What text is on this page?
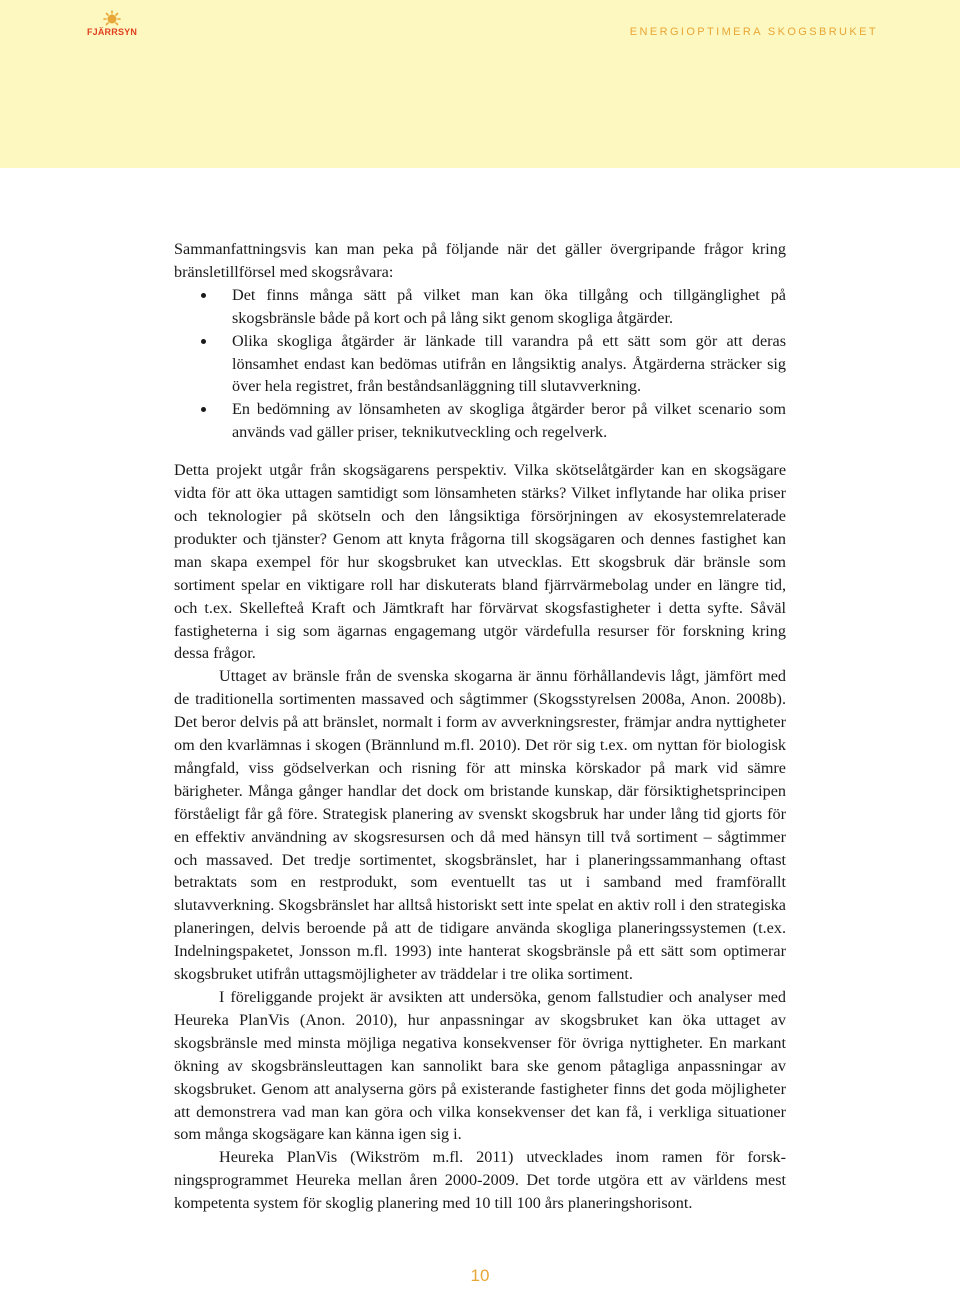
FJÄRRSYN	ENERGIOPTIMERA SKOGSBRUKET

Sammanfattningsvis kan man peka på följande när det gäller övergripande frågor kring bränsletillförsel med skogsråvara:

Det finns många sätt på vilket man kan öka tillgång och tillgänglighet på skogsbränsle både på kort och på lång sikt genom skogliga åtgärder.
Olika skogliga åtgärder är länkade till varandra på ett sätt som gör att deras lönsamhet endast kan bedömas utifrån en långsiktig analys. Åtgärderna sträcker sig över hela registret, från beståndsanläggning till slutavverkning.
En bedömning av lönsamheten av skogliga åtgärder beror på vilket scenario som används vad gäller priser, teknikutveckling och regelverk.

Detta projekt utgår från skogsägarens perspektiv. Vilka skötselåtgärder kan en skogsägare vidta för att öka uttagen samtidigt som lönsamheten stärks? Vilket inflytande har olika priser och teknologier på skötseln och den långsiktiga försörjningen av ekosystemrelaterade produkter och tjänster? Genom att knyta frågorna till skogsägaren och dennes fastighet kan man skapa exempel för hur skogsbruket kan utvecklas. Ett skogsbruk där bränsle som sortiment spelar en viktigare roll har diskuterats bland fjärrvärmebolag under en längre tid, och t.ex. Skellefteå Kraft och Jämtkraft har förvärvat skogsfastigheter i detta syfte. Såväl fastigheterna i sig som ägarnas engagemang utgör värdefulla resurser för forskning kring dessa frågor.

Uttaget av bränsle från de svenska skogarna är ännu förhållandevis lågt, jämfört med de traditionella sortimenten massaved och sågtimmer (Skogsstyrelsen 2008a, Anon. 2008b). Det beror delvis på att bränslet, normalt i form av avverkningsrester, främjar andra nyttigheter om den kvarlämnas i skogen (Brännlund m.fl. 2010). Det rör sig t.ex. om nyttan för biologisk mångfald, viss gödselverkan och risning för att minska körskador på mark vid sämre bärigheter. Många gånger handlar det dock om bristande kunskap, där försiktighetsprincipen förståeligt får gå före. Strategisk planering av svenskt skogsbruk har under lång tid gjorts för en effektiv användning av skogsresursen och då med hänsyn till två sortiment – sågtimmer och massaved. Det tredje sortimentet, skogsbränslet, har i planeringssammanhang oftast betraktats som en restprodukt, som eventuellt tas ut i samband med framförallt slutavverkning. Skogsbränslet har alltså historiskt sett inte spelat en aktiv roll i den strategiska planeringen, delvis beroende på att de tidigare använda skogliga planeringssystemen (t.ex. Indelningspaketet, Jonsson m.fl. 1993) inte hanterat skogsbränsle på ett sätt som optimerar skogsbruket utifrån uttagsmöjligheter av träddelar i tre olika sortiment.

I föreliggande projekt är avsikten att undersöka, genom fallstudier och analyser med Heureka PlanVis (Anon. 2010), hur anpassningar av skogsbruket kan öka uttaget av skogsbränsle med minsta möjliga negativa konsekvenser för övriga nyttigheter. En markant ökning av skogsbränsleuttagen kan sannolikt bara ske genom påtagliga anpassningar av skogsbruket. Genom att analyserna görs på existerande fastigheter finns det goda möjligheter att demonstrera vad man kan göra och vilka konsekvenser det kan få, i verkliga situationer som många skogsägare kan känna igen sig i.

Heureka PlanVis (Wikström m.fl. 2011) utvecklades inom ramen för forskningsprogrammet Heureka mellan åren 2000-2009. Det torde utgöra ett av världens mest kompetenta system för skoglig planering med 10 till 100 års planeringshorisont.

10
